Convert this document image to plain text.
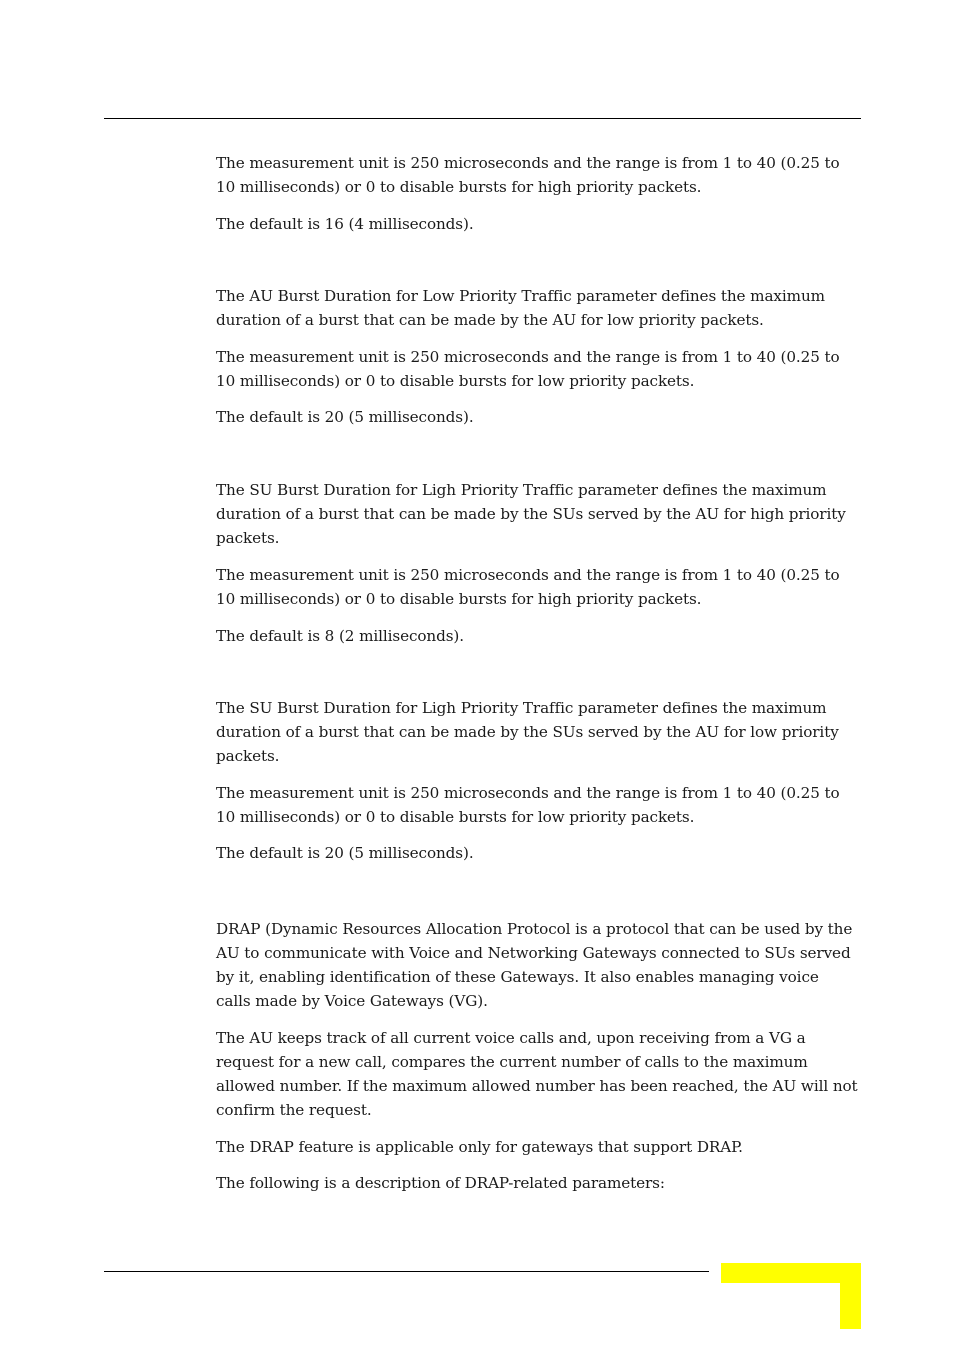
The measurement unit is 250 microseconds and the range is from 1 to 40 (0.25 to 10 milliseconds) or 0 to disable bursts for high priority packets.

The default is 16 (4 milliseconds).

The AU Burst Duration for Low Priority Traffic parameter defines the maximum duration of a burst that can be made by the AU for low priority packets.

The measurement unit is 250 microseconds and the range is from 1 to 40 (0.25 to 10 milliseconds) or 0 to disable bursts for low priority packets.

The default is 20 (5 milliseconds).

The SU Burst Duration for Ligh Priority Traffic parameter defines the maximum duration of a burst that can be made by the SUs served by the AU for high priority packets.

The measurement unit is 250 microseconds and the range is from 1 to 40 (0.25 to 10 milliseconds) or 0 to disable bursts for high priority packets.

The default is 8 (2 milliseconds).

The SU Burst Duration for Ligh Priority Traffic parameter defines the maximum duration of a burst that can be made by the SUs served by the AU for low priority packets.

The measurement unit is 250 microseconds and the range is from 1 to 40 (0.25 to 10 milliseconds) or 0 to disable bursts for low priority packets.

The default is 20 (5 milliseconds).

DRAP (Dynamic Resources Allocation Protocol is a protocol that can be used by the AU to communicate with Voice and Networking Gateways connected to SUs served by it, enabling identification of these Gateways. It also enables managing voice calls made by Voice Gateways (VG).

The AU keeps track of all current voice calls and, upon receiving from a VG a request for a new call, compares the current number of calls to the maximum allowed number. If the maximum allowed number has been reached, the AU will not confirm the request.

The DRAP feature is applicable only for gateways that support DRAP.

The following is a description of DRAP-related parameters:
